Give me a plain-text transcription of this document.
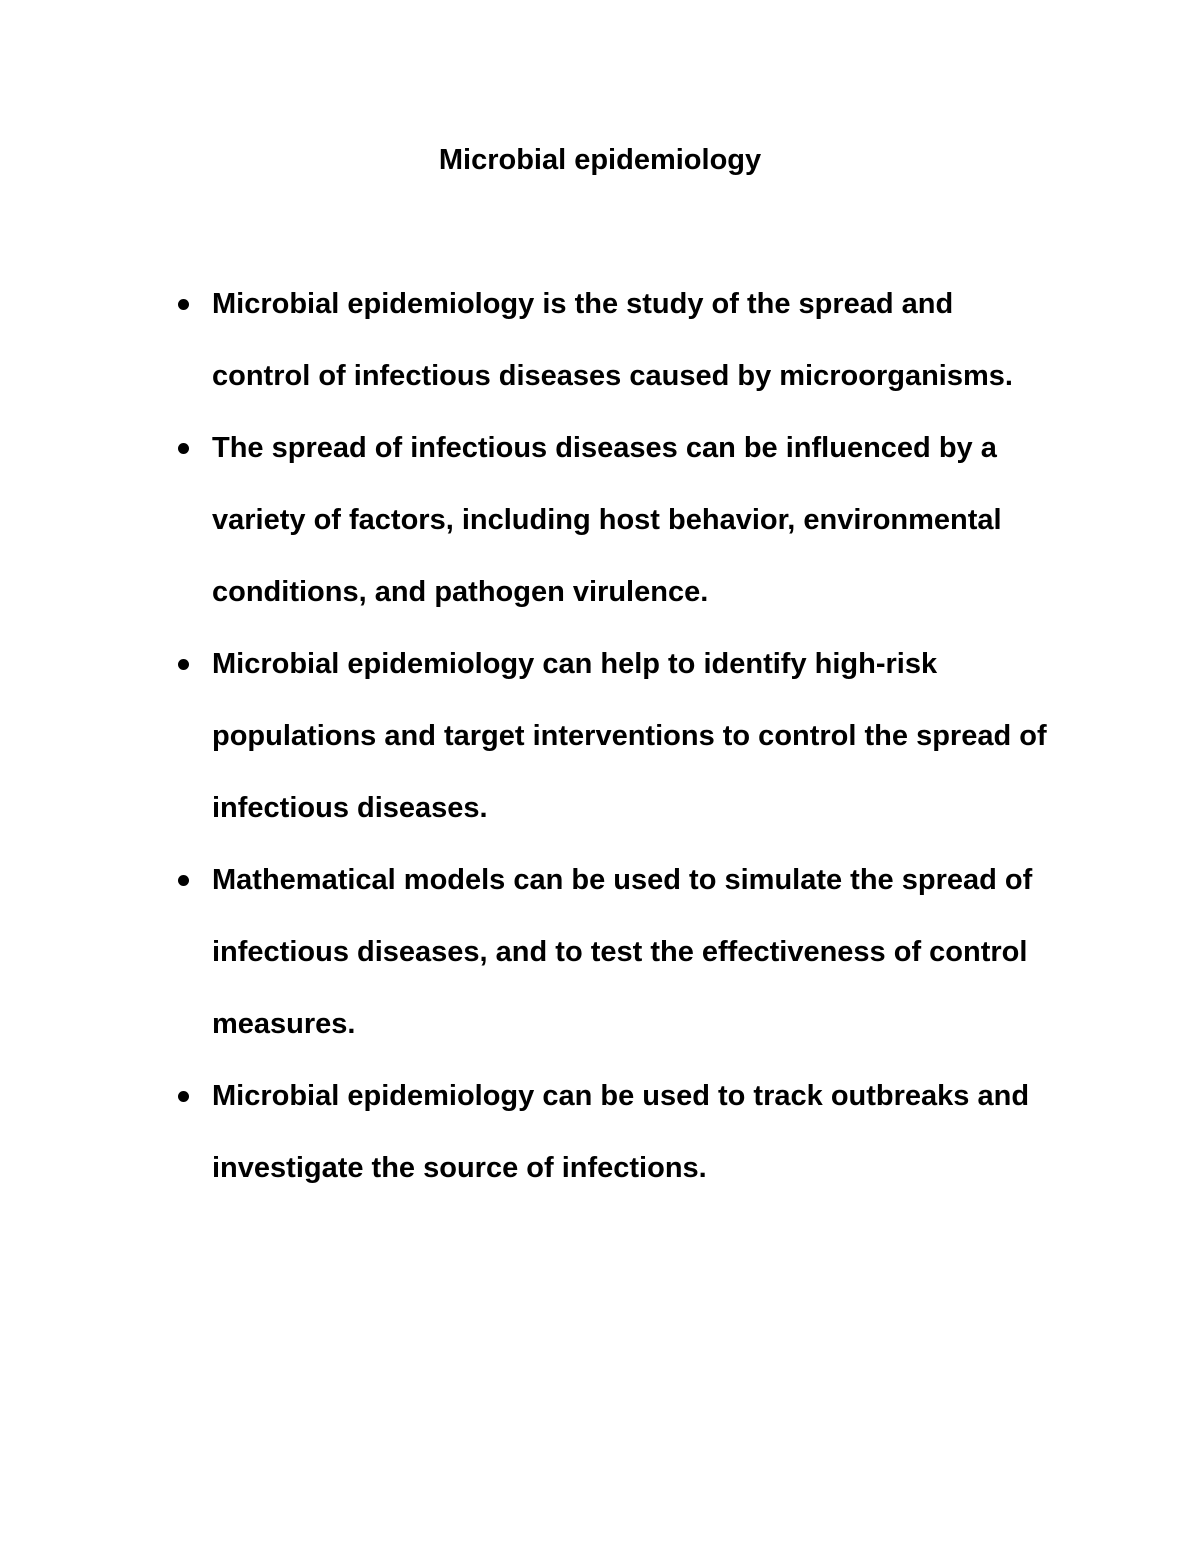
Microbial epidemiology
Microbial epidemiology is the study of the spread and control of infectious diseases caused by microorganisms.
The spread of infectious diseases can be influenced by a variety of factors, including host behavior, environmental conditions, and pathogen virulence.
Microbial epidemiology can help to identify high-risk populations and target interventions to control the spread of infectious diseases.
Mathematical models can be used to simulate the spread of infectious diseases, and to test the effectiveness of control measures.
Microbial epidemiology can be used to track outbreaks and investigate the source of infections.
